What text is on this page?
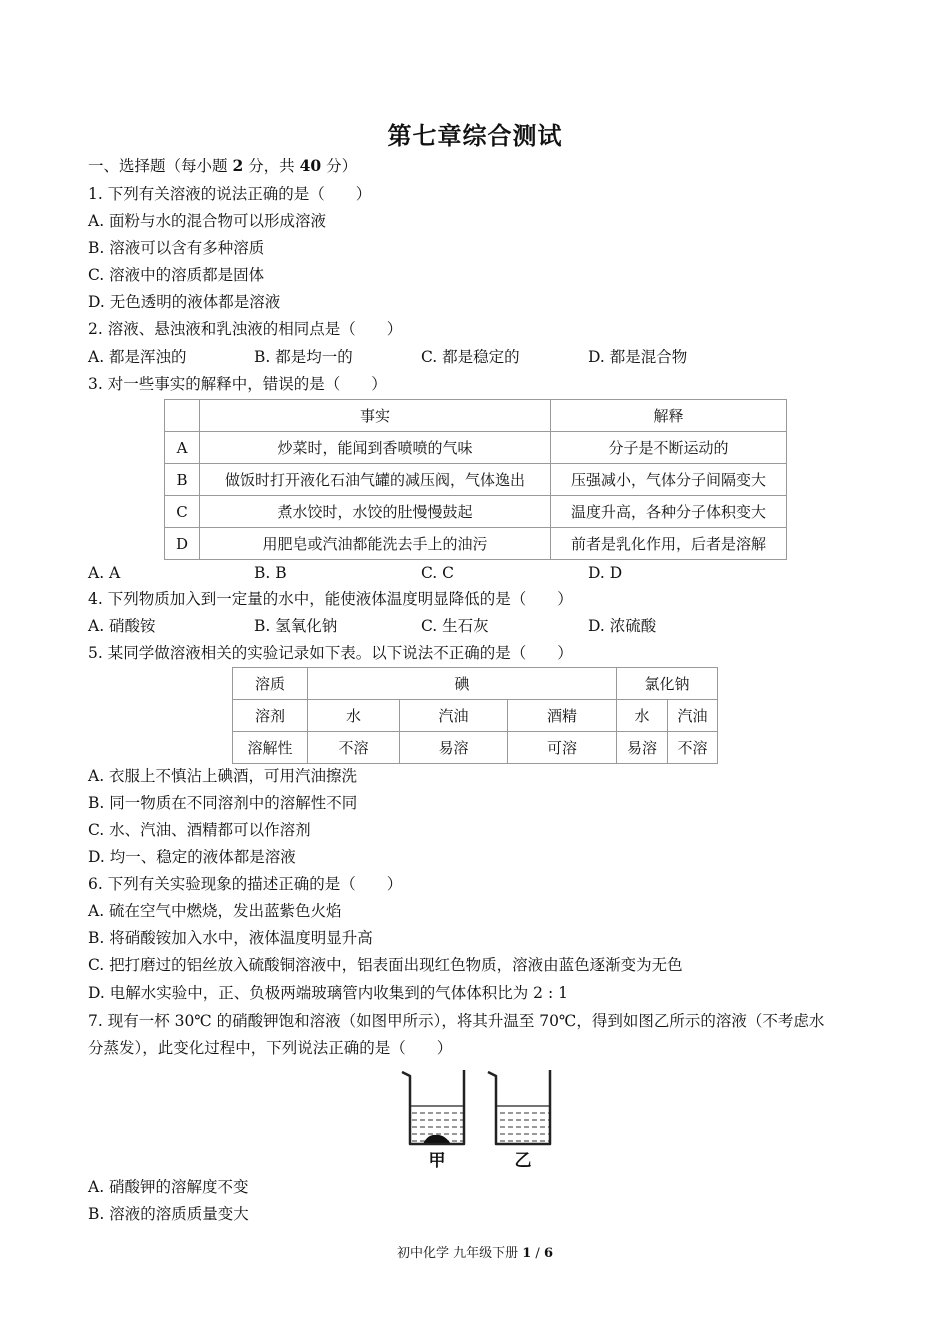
第七章综合测试
一、选择题（每小题 2 分，共 40 分）
1. 下列有关溶液的说法正确的是（　　）
A. 面粉与水的混合物可以形成溶液
B. 溶液可以含有多种溶质
C. 溶液中的溶质都是固体
D. 无色透明的液体都是溶液
2. 溶液、悬浊液和乳浊液的相同点是（　　）
A. 都是浑浊的	B. 都是均一的	C. 都是稳定的	D. 都是混合物
3. 对一些事实的解释中，错误的是（　　）
	事实	解释
A	炒菜时，能闻到香喷喷的气味	分子是不断运动的
B	做饭时打开液化石油气罐的减压阀，气体逸出	压强减小，气体分子间隔变大
C	煮水饺时，水饺的肚慢慢鼓起	温度升高，各种分子体积变大
D	用肥皂或汽油都能洗去手上的油污	前者是乳化作用，后者是溶解
A. A	B. B	C. C	D. D
4. 下列物质加入到一定量的水中，能使液体温度明显降低的是（　　）
A. 硝酸铵	B. 氢氧化钠	C. 生石灰	D. 浓硫酸
5. 某同学做溶液相关的实验记录如下表。以下说法不正确的是（　　）
溶质	碘			氯化钠	
溶剂	水	汽油	酒精	水	汽油
溶解性	不溶	易溶	可溶	易溶	不溶
A. 衣服上不慎沾上碘酒，可用汽油擦洗
B. 同一物质在不同溶剂中的溶解性不同
C. 水、汽油、酒精都可以作溶剂
D. 均一、稳定的液体都是溶液
6. 下列有关实验现象的描述正确的是（　　）
A. 硫在空气中燃烧，发出蓝紫色火焰
B. 将硝酸铵加入水中，液体温度明显升高
C. 把打磨过的铝丝放入硫酸铜溶液中，铝表面出现红色物质，溶液由蓝色逐渐变为无色
D. 电解水实验中，正、负极两端玻璃管内收集到的气体体积比为 2 : 1
7. 现有一杯 30℃ 的硝酸钾饱和溶液（如图甲所示），将其升温至 70℃，得到如图乙所示的溶液（不考虑水
分蒸发），此变化过程中，下列说法正确的是（　　）
甲	乙
A. 硝酸钾的溶解度不变
B. 溶液的溶质质量变大
初中化学 九年级下册 1 / 6
